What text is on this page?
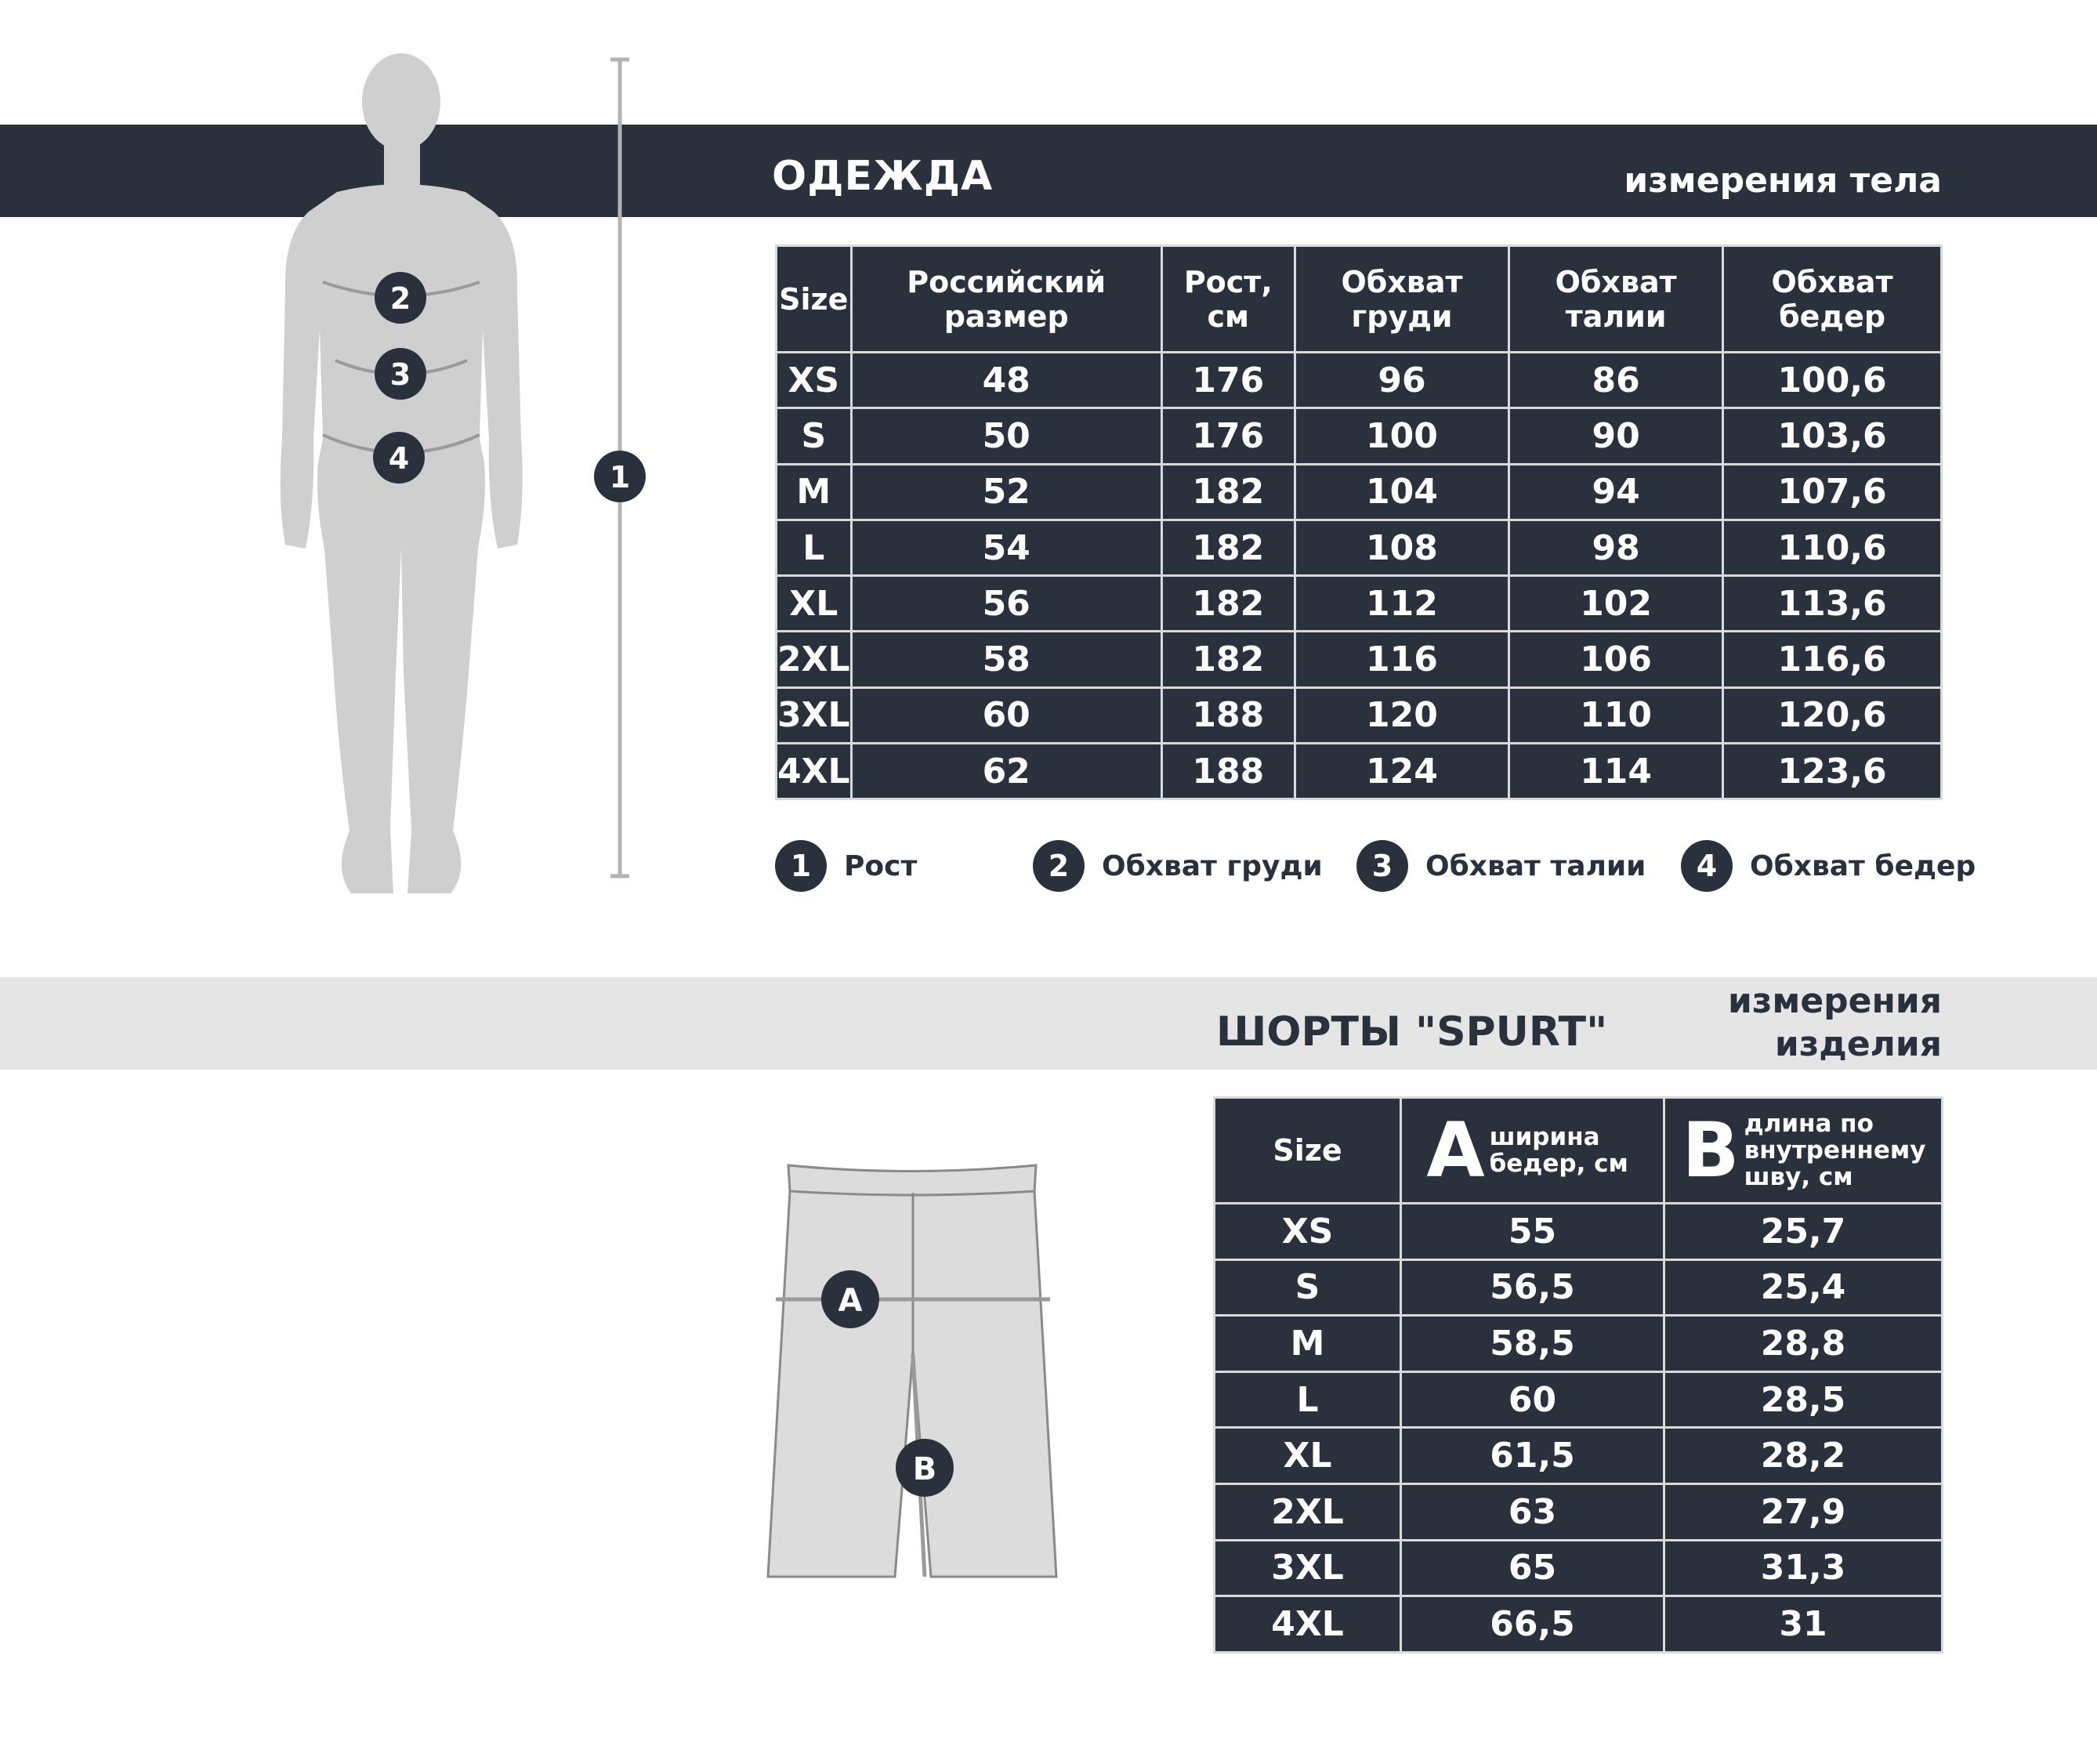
2
3
4
1
A
B
ОДЕЖДА	измерения тела
Size	Российский размер	Рост, см	Обхват груди	Обхват талии	Обхват бедер
XS	48	176	96	86	100,6
S	50	176	100	90	103,6
M	52	182	104	94	107,6
L	54	182	108	98	110,6
XL	56	182	112	102	113,6
2XL	58	182	116	106	116,6
3XL	60	188	120	110	120,6
4XL	62	188	124	114	123,6
1	Рост	2	Обхват груди	3	Обхват талии	4	Обхват бедер
ШОРТЫ "SPURT"
измерения изделия
Size	A ширина бедер, см	B длина по внутреннему шву, см
XS	55	25,7
S	56,5	25,4
M	58,5	28,8
L	60	28,5
XL	61,5	28,2
2XL	63	27,9
3XL	65	31,3
4XL	66,5	31
